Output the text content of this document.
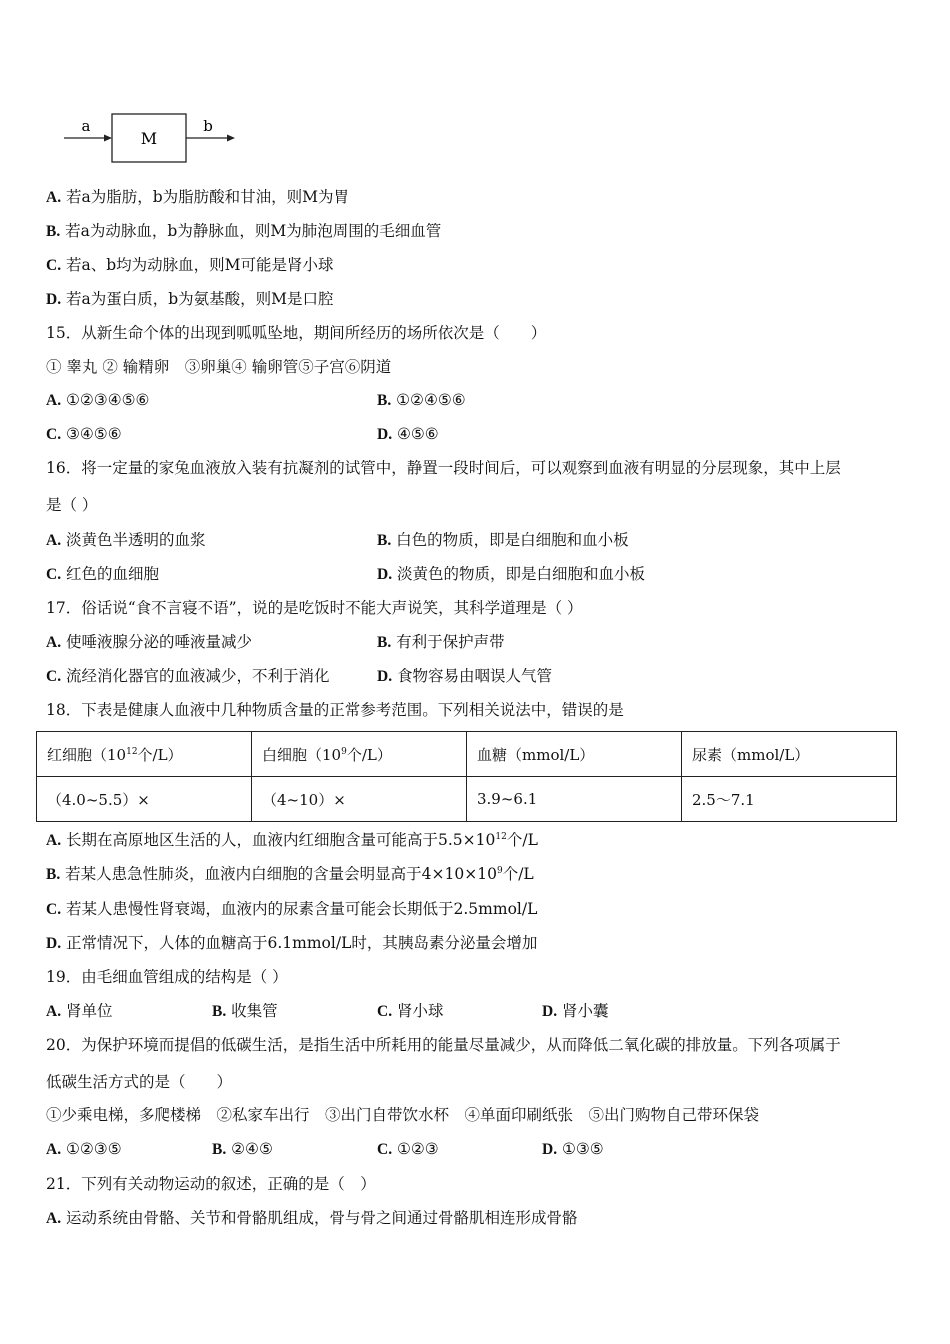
a
M
b
A. 若a为脂肪，b为脂肪酸和甘油，则M为胃
B. 若a为动脉血，b为静脉血，则M为肺泡周围的毛细血管
C. 若a、b均为动脉血，则M可能是肾小球
D. 若a为蛋白质，b为氨基酸，则M是口腔
15．从新生命个体的出现到呱呱坠地，期间所经历的场所依次是（　　）
① 睾丸 ② 输精卵　③卵巢④ 输卵管⑤子宫⑥阴道
A. ①②③④⑤⑥	B. ①②④⑤⑥
C. ③④⑤⑥	D. ④⑤⑥
16．将一定量的家兔血液放入装有抗凝剂的试管中，静置一段时间后，可以观察到血液有明显的分层现象，其中上层
是（ ）
A. 淡黄色半透明的血浆	B. 白色的物质，即是白细胞和血小板
C. 红色的血细胞	D. 淡黄色的物质，即是白细胞和血小板
17．俗话说“食不言寝不语”，说的是吃饭时不能大声说笑，其科学道理是（ ）
A. 使唾液腺分泌的唾液量减少	B. 有利于保护声带
C. 流经消化器官的血液减少，不利于消化	D. 食物容易由咽误人气管
18．下表是健康人血液中几种物质含量的正常参考范围。下列相关说法中，错误的是
红细胞（$10^{12}$个/L）	白细胞（$10^9$个/L）	血糖（mmol/L）	尿素（mmol/L）
（4.0~5.5）×	（4~10）×	3.9~6.1	2.5～7.1
A. 长期在高原地区生活的人，血液内红细胞含量可能高于$5.5\times 10^{12}$个/L
B. 若某人患急性肺炎，血液内白细胞的含量会明显高于$4\times 10\times 10^9$个/L
C. 若某人患慢性肾衰竭，血液内的尿素含量可能会长期低于2.5mmol/L
D. 正常情况下，人体的血糖高于6.1mmol/L时，其胰岛素分泌量会增加
19．由毛细血管组成的结构是（ ）
A. 肾单位	B. 收集管	C. 肾小球	D. 肾小囊
20．为保护环境而提倡的低碳生活，是指生活中所耗用的能量尽量减少，从而降低二氧化碳的排放量。下列各项属于
低碳生活方式的是（　　）
①少乘电梯，多爬楼梯　②私家车出行　③出门自带饮水杯　④单面印刷纸张　⑤出门购物自己带环保袋
A. ①②③⑤	B. ②④⑤	C. ①②③	D. ①③⑤
21．下列有关动物运动的叙述，正确的是（　）
A. 运动系统由骨骼、关节和骨骼肌组成，骨与骨之间通过骨骼肌相连形成骨骼
